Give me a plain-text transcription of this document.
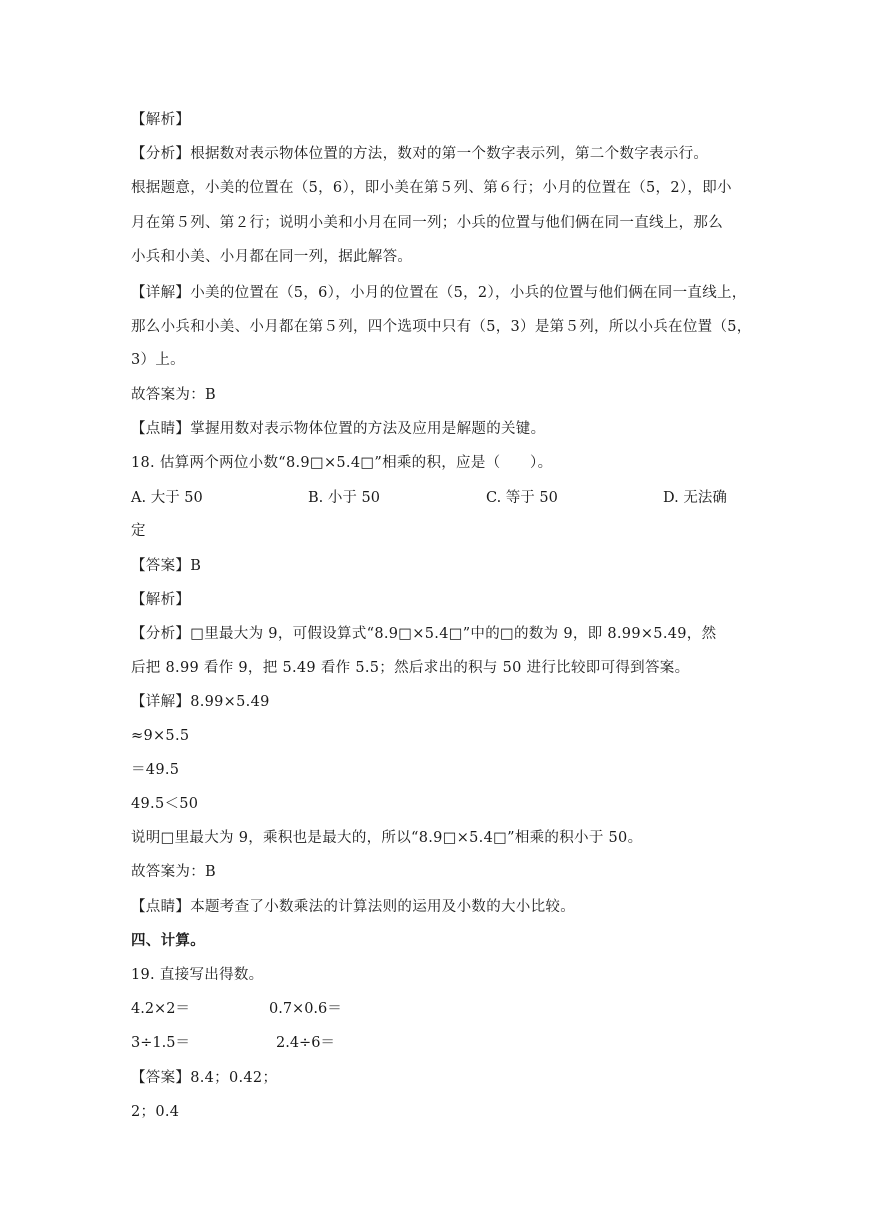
【解析】
【分析】根据数对表示物体位置的方法，数对的第一个数字表示列，第二个数字表示行。
根据题意，小美的位置在（5，6），即小美在第５列、第６行；小月的位置在（5，2），即小
月在第５列、第２行；说明小美和小月在同一列；小兵的位置与他们俩在同一直线上，那么
小兵和小美、小月都在同一列，据此解答。
【详解】小美的位置在（5，6），小月的位置在（5，2），小兵的位置与他们俩在同一直线上，
那么小兵和小美、小月都在第５列，四个选项中只有（5，3）是第５列，所以小兵在位置（5，
3）上。
故答案为：B
【点睛】掌握用数对表示物体位置的方法及应用是解题的关键。
18. 估算两个两位小数“8.9□×5.4□”相乘的积，应是（　　）。
A. 大于 50	B. 小于 50	C. 等于 50	D. 无法确
定
【答案】B
【解析】
【分析】□里最大为 9，可假设算式“8.9□×5.4□”中的□的数为 9，即 8.99×5.49，然
后把 8.99 看作 9，把 5.49 看作 5.5；然后求出的积与 50 进行比较即可得到答案。
【详解】8.99×5.49
≈9×5.5
＝49.5
49.5＜50
说明□里最大为 9，乘积也是最大的，所以“8.9□×5.4□”相乘的积小于 50。
故答案为：B
【点睛】本题考查了小数乘法的计算法则的运用及小数的大小比较。
四、计算。
19. 直接写出得数。
4.2×2＝	0.7×0.6＝
3÷1.5＝	2.4÷6＝
【答案】8.4；0.42；
2；0.4
